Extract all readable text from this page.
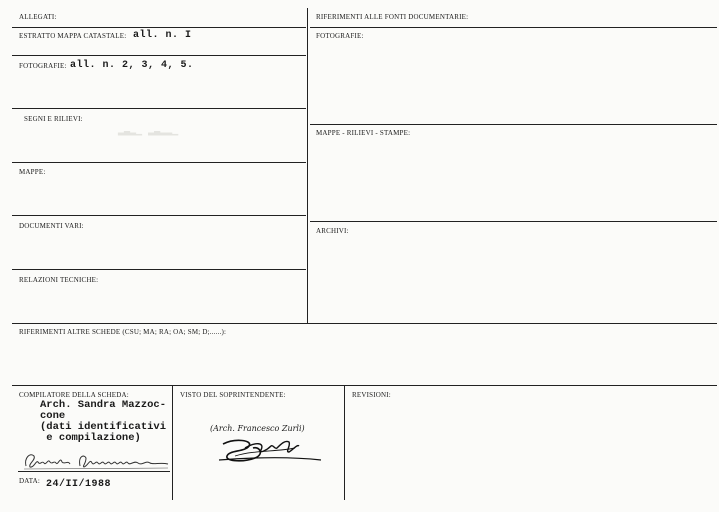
ALLEGATI:
ESTRATTO MAPPA CATASTALE: all. n. I
FOTOGRAFIE: all. n. 2, 3, 4, 5.
SEGNI E RILIEVI:
▂▃▂▁ ▂▃▂▂▁
MAPPE:
DOCUMENTI VARI:
RELAZIONI TECNICHE:
RIFERIMENTI ALLE FONTI DOCUMENTARIE:
FOTOGRAFIE:
MAPPE - RILIEVI - STAMPE:
ARCHIVI:
RIFERIMENTI ALTRE SCHEDE (CSU; MA; RA; OA; SM; D;......):
COMPILATORE DELLA SCHEDA:
Arch. Sandra Mazzoc-
cone
(dati identificativi
e compilazione)
DATA: 24/II/1988
VISTO DEL SOPRINTENDENTE:
(Arch. Francesco Zurli)
REVISIONI:
